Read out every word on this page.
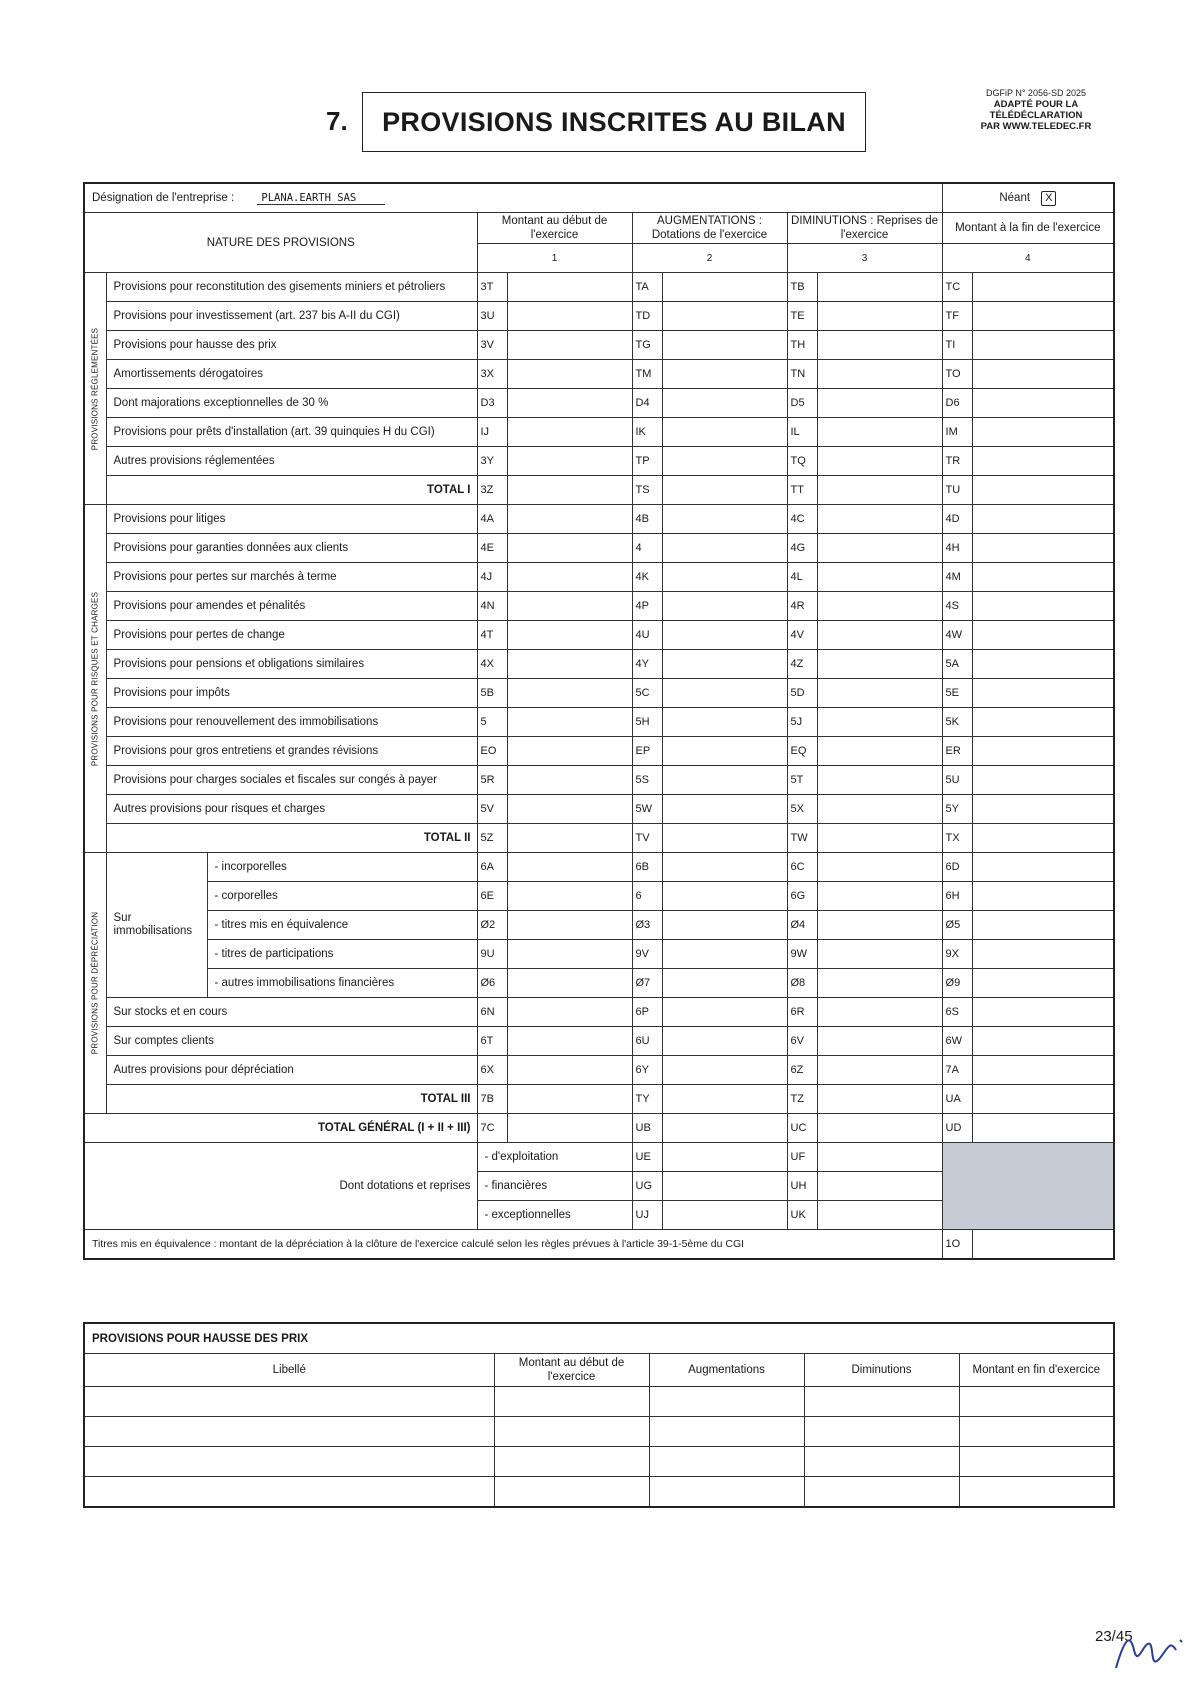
7.	PROVISIONS INSCRITES AU BILAN
DGFiP N° 2056-SD 2025
ADAPTÉ POUR LA
TÉLÉDÉCLARATION
PAR WWW.TELEDEC.FR
Désignation de l'entreprise : PLANA.EARTH SAS									Néant X	
NATURE DES PROVISIONS			Montant au début de l'exercice		AUGMENTATIONS : Dotations de l'exercice		DIMINUTIONS : Reprises de l'exercice		Montant à la fin de l'exercice	
			1		2		3		4	

PROVISIONS RÉGLEMENTÉES	Provisions pour reconstitution des gisements miniers et pétroliers		3T		TA		TB		TC	
	Provisions pour investissement (art. 237 bis A-II du CGI)		3U		TD		TE		TF	
	Provisions pour hausse des prix		3V		TG		TH		TI	
	Amortissements dérogatoires		3X		TM		TN		TO	
	Dont majorations exceptionnelles de 30 %		D3		D4		D5		D6	
	Provisions pour prêts d'installation (art. 39 quinquies H du CGI)		IJ		IK		IL		IM	
	Autres provisions réglementées		3Y		TP		TQ		TR	
	TOTAL I		3Z		TS		TT		TU	

PROVISIONS POUR RISQUES ET CHARGES	Provisions pour litiges		4A		4B		4C		4D	
	Provisions pour garanties données aux clients		4E		4		4G		4H	
	Provisions pour pertes sur marchés à terme		4J		4K		4L		4M	
	Provisions pour amendes et pénalités		4N		4P		4R		4S	
	Provisions pour pertes de change		4T		4U		4V		4W	
	Provisions pour pensions et obligations similaires		4X		4Y		4Z		5A	
	Provisions pour impôts		5B		5C		5D		5E	
	Provisions pour renouvellement des immobilisations		5		5H		5J		5K	
	Provisions pour gros entretiens et grandes révisions		EO		EP		EQ		ER	
	Provisions pour charges sociales et fiscales sur congés à payer		5R		5S		5T		5U	
	Autres provisions pour risques et charges		5V		5W		5X		5Y	
	TOTAL II		5Z		TV		TW		TX	

PROVISIONS POUR DÉPRÉCIATION	Sur immobilisations	- incorporelles	6A		6B		6C		6D	
		- corporelles	6E		6		6G		6H	
		- titres mis en équivalence	Ø2		Ø3		Ø4		Ø5	
		- titres de participations	9U		9V		9W		9X	
		- autres immobilisations financières	Ø6		Ø7		Ø8		Ø9	
	Sur stocks et en cours		6N		6P		6R		6S	
	Sur comptes clients		6T		6U		6V		6W	
	Autres provisions pour dépréciation		6X		6Y		6Z		7A	
	TOTAL III		7B		TY		TZ		UA	
TOTAL GÉNÉRAL (I + II + III)			7C		UB		UC		UD	
Dont dotations et reprises			- d'exploitation		UE		UF			
			- financières		UG		UH			
			- exceptionnelles		UJ		UK			
Titres mis en équivalence : montant de la dépréciation à la clôture de l'exercice calculé selon les règles prévues à l'article 39-1-5ème du CGI									1O	
PROVISIONS POUR HAUSSE DES PRIX				
Libellé	Montant au début de l'exercice	Augmentations	Diminutions	Montant en fin d'exercice

23/45
